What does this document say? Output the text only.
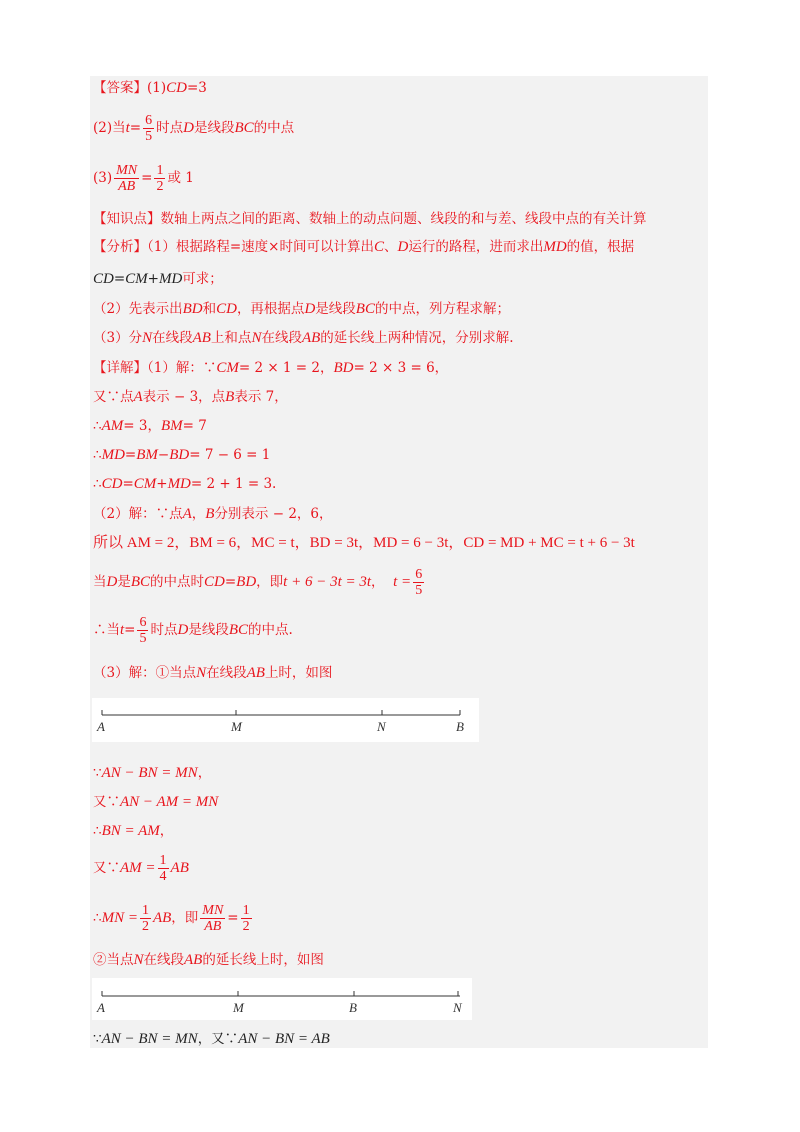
【答案】(1)CD=3
(2)当$t= \frac{6}{5}$ 时点D是线段BC的中点
$(3) \frac{MN}{AB} = \frac{1}{2}$ 或 1
【知识点】数轴上两点之间的距离、数轴上的动点问题、线段的和与差、线段中点的有关计算
【分析】（1）根据路程=速度×时间可以计算出C、D运行的路程，进而求出MD的值，根据
CD=CM+MD可求；
（2）先表示出BD和CD，再根据点D是线段BC的中点，列方程求解；
（3）分N在线段AB上和点N在线段AB的延长线上两种情况，分别求解.
【详解】（1）解：∵CM= 2 × 1 = 2，BD= 2 × 3 = 6，
又∵点A表示 − 3，点B表示 7，
∴AM= 3，BM= 7
∴MD=BM−BD= 7 − 6 = 1
∴CD=CM+MD= 2 + 1 = 3.
（2）解：∵点A，B分别表示 − 2，6，
所以 AM = 2，BM = 6，MC = t，BD = 3t，MD = 6 − 3t，CD = MD + MC = t + 6 − 3t
当D是BC的中点时CD=BD，即t + 6 − 3t = 3t， $t = \frac{6}{5}$
∴当$t= \frac{6}{5}$ 时点D是线段BC的中点.
（3）解：①当点N在线段AB上时，如图
A	M	N	B
∵AN − BN = MN，
又∵AN − AM = MN
∴BN = AM，
又∵AM = $\frac{1}{4}$ AB
∴MN = $\frac{1}{2}$ AB，即 $\frac{MN}{AB} = \frac{1}{2}$
②当点N在线段AB的延长线上时，如图
A	M	B	N
∵AN − BN = MN，又∵AN − BN = AB
